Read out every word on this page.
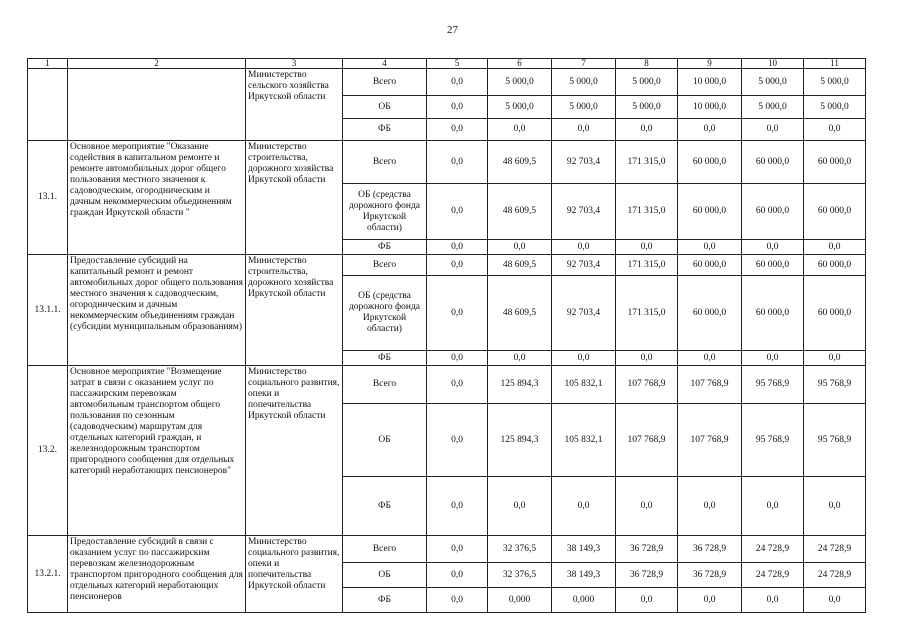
27
1	2	3	4	5	6	7	8	9	10	11
		Министерство сельского хозяйства Иркутской области	Всего	0,0	5 000,0	5 000,0	5 000,0	10 000,0	5 000,0	5 000,0
			ОБ	0,0	5 000,0	5 000,0	5 000,0	10 000,0	5 000,0	5 000,0
			ФБ	0,0	0,0	0,0	0,0	0,0	0,0	0,0
13.1.	Основное мероприятие "Оказание содействия в капитальном ремонте и ремонте автомобильных дорог общего пользования местного значения к садоводческим, огородническим и дачным некоммерческим объединениям граждан Иркутской области "	Министерство строительства, дорожного хозяйства Иркутской области	Всего	0,0	48 609,5	92 703,4	171 315,0	60 000,0	60 000,0	60 000,0
			ОБ (средства дорожного фонда Иркутской области)	0,0	48 609,5	92 703,4	171 315,0	60 000,0	60 000,0	60 000,0
			ФБ	0,0	0,0	0,0	0,0	0,0	0,0	0,0
13.1.1.	Предоставление субсидий на капитальный ремонт и ремонт автомобильных дорог общего пользования местного значения к садоводческим, огородническим и дачным некоммерческим объединениям граждан (субсидии муниципальным образованиям)	Министерство строительства, дорожного хозяйства Иркутской области	Всего	0,0	48 609,5	92 703,4	171 315,0	60 000,0	60 000,0	60 000,0
			ОБ (средства дорожного фонда Иркутской области)	0,0	48 609,5	92 703,4	171 315,0	60 000,0	60 000,0	60 000,0
			ФБ	0,0	0,0	0,0	0,0	0,0	0,0	0,0
13.2.	Основное мероприятие "Возмещение затрат в связи с оказанием услуг по пассажирским перевозкам автомобильным транспортом общего пользования по сезонным (садоводческим) маршрутам для отдельных категорий граждан, и железнодорожным транспортом пригородного сообщения для отдельных категорий неработающих пенсионеров"	Министерство социального развития, опеки и попечительства Иркутской области	Всего	0,0	125 894,3	105 832,1	107 768,9	107 768,9	95 768,9	95 768,9
			ОБ	0,0	125 894,3	105 832,1	107 768,9	107 768,9	95 768,9	95 768,9
			ФБ	0,0	0,0	0,0	0,0	0,0	0,0	0,0
13.2.1.	Предоставление субсидий в связи с оказанием услуг по пассажирским перевозкам железнодорожным транспортом пригородного сообщения для отдельных категорий неработающих пенсионеров	Министерство социального развития, опеки и попечительства Иркутской области	Всего	0,0	32 376,5	38 149,3	36 728,9	36 728,9	24 728,9	24 728,9
			ОБ	0,0	32 376,5	38 149,3	36 728,9	36 728,9	24 728,9	24 728,9
			ФБ	0,0	0,000	0,000	0,0	0,0	0,0	0,0
